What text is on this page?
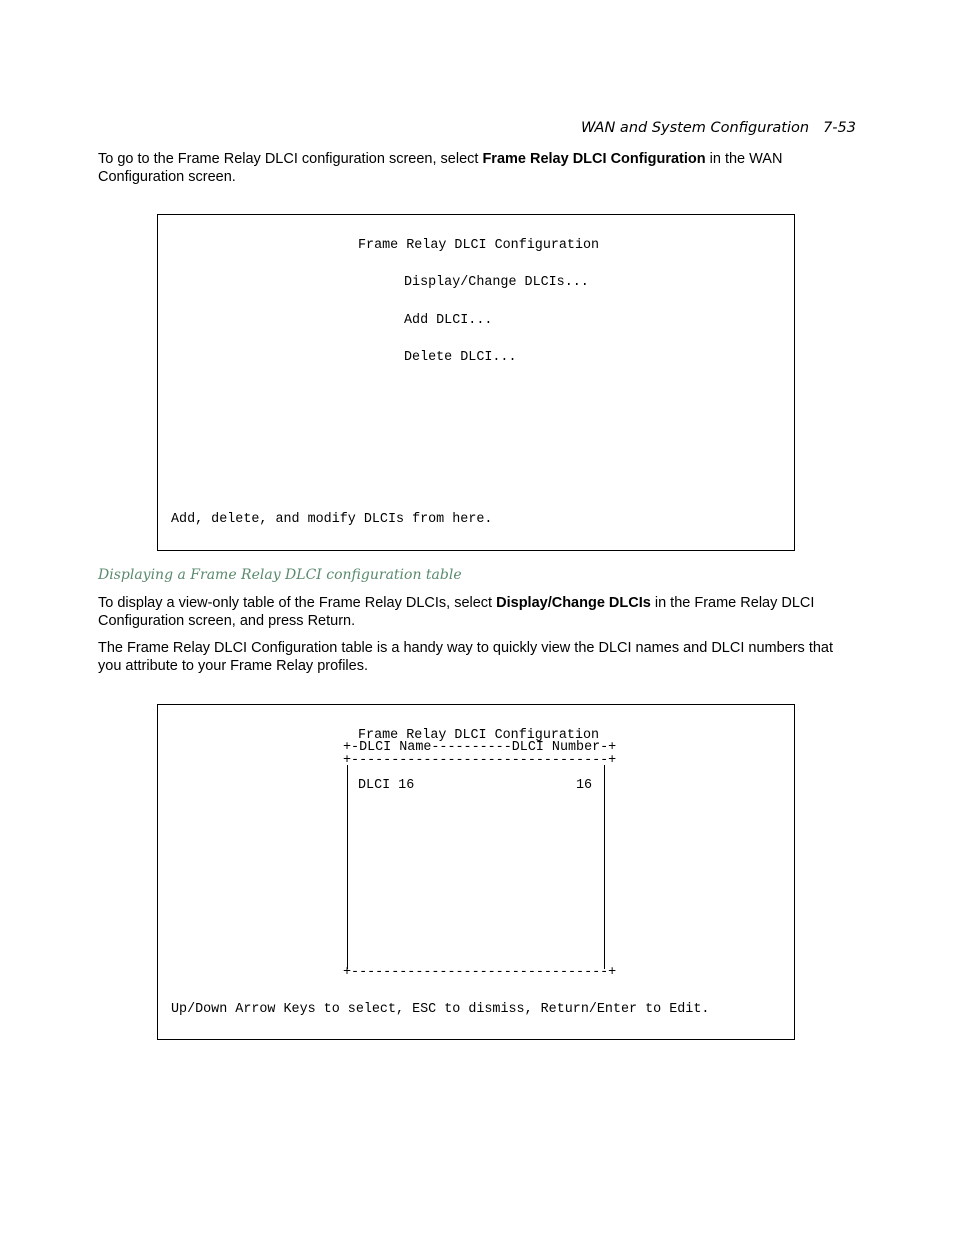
WAN and System Configuration 7-53

To go to the Frame Relay DLCI configuration screen, select Frame Relay DLCI Configuration in the WAN Configuration screen.

Frame Relay DLCI Configuration
Display/Change DLCIs...
Add DLCI...
Delete DLCI...
Add, delete, and modify DLCIs from here.
Displaying a Frame Relay DLCI configuration table

To display a view-only table of the Frame Relay DLCIs, select Display/Change DLCIs in the Frame Relay DLCI Configuration screen, and press Return.

The Frame Relay DLCI Configuration table is a handy way to quickly view the DLCI names and DLCI numbers that you attribute to your Frame Relay profiles.

Frame Relay DLCI Configuration
+-DLCI Name----------DLCI Number-+
+--------------------------------+
DLCI 16	16
+--------------------------------+
Up/Down Arrow Keys to select, ESC to dismiss, Return/Enter to Edit.
